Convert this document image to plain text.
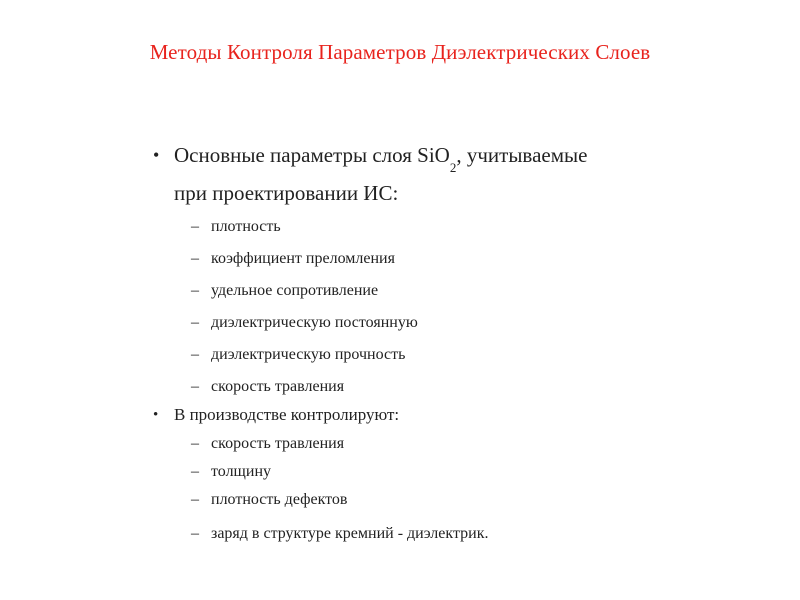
Методы Контроля Параметров Диэлектрических Слоев
• Основные параметры слоя SiO$_2$, учитываемые
при проектировании ИС:
– плотность
– коэффициент преломления
– удельное сопротивление
– диэлектрическую постоянную
– диэлектрическую прочность
– скорость травления
• В производстве контролируют:
– скорость травления
– толщину
– плотность дефектов
– заряд в структуре кремний - диэлектрик.
